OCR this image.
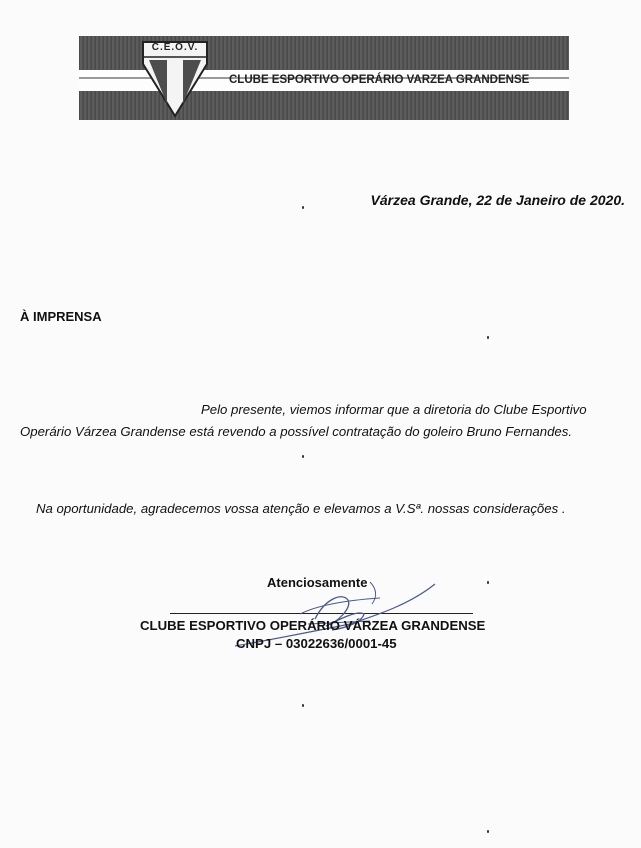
C.E.O.V.
CLUBE ESPORTIVO OPERÁRIO VARZEA GRANDENSE
Várzea Grande, 22 de Janeiro de 2020.
À IMPRENSA
Pelo presente, viemos informar que a diretoria do Clube Esportivo
Operário Várzea Grandense está revendo a possível contratação do goleiro Bruno Fernandes.
Na oportunidade, agradecemos vossa atenção e elevamos a V.Sª. nossas considerações .
Atenciosamente
CLUBE ESPORTIVO OPERÁRIO VÁRZEA GRANDENSE
CNPJ – 03022636/0001-45
